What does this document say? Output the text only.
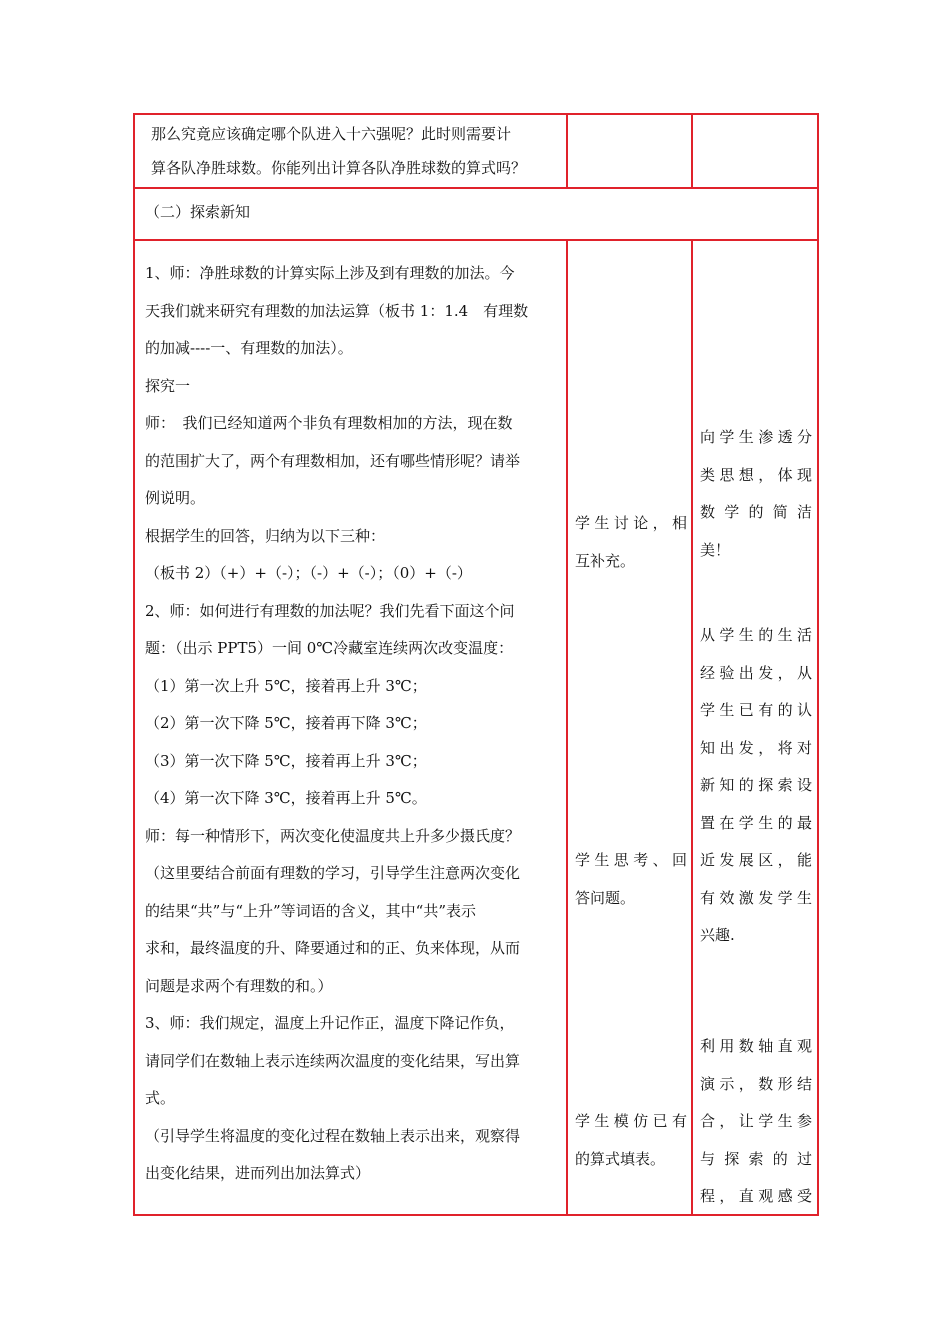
那么究竟应该确定哪个队进入十六强呢？此时则需要计
算各队净胜球数。你能列出计算各队净胜球数的算式吗？
（二）探索新知
1、师：净胜球数的计算实际上涉及到有理数的加法。今
天我们就来研究有理数的加法运算（板书 1：1.4　有理数
的加减----一、有理数的加法）。
探究一
师：　我们已经知道两个非负有理数相加的方法，现在数
的范围扩大了，两个有理数相加，还有哪些情形呢？请举
例说明。
根据学生的回答，归纳为以下三种：
（板书 2）（+）+（-）；（-）+（-）；（0）+（-）
2、师：如何进行有理数的加法呢？我们先看下面这个问
题：（出示 PPT5）一间 0℃冷藏室连续两次改变温度：
（1）第一次上升 5℃，接着再上升 3℃；
（2）第一次下降 5℃，接着再下降 3℃；
（3）第一次下降 5℃，接着再上升 3℃；
（4）第一次下降 3℃，接着再上升 5℃。
师：每一种情形下，两次变化使温度共上升多少摄氏度？
（这里要结合前面有理数的学习，引导学生注意两次变化
的结果“共”与“上升”等词语的含义，其中“共”表示
求和，最终温度的升、降要通过和的正、负来体现，从而
问题是求两个有理数的和。）
3、师：我们规定，温度上升记作正，温度下降记作负，
请同学们在数轴上表示连续两次温度的变化结果，写出算
式。
（引导学生将温度的变化过程在数轴上表示出来，观察得
出变化结果，进而列出加法算式）
学生讨论，相
互补充。
学生思考、回
答问题。
学生模仿已有
的算式填表。
向学生渗透分
类思想，体现
数学的简洁
美！
从学生的生活
经验出发，从
学生已有的认
知出发，将对
新知的探索设
置在学生的最
近发展区，能
有效激发学生
兴趣.
利用数轴直观
演示，数形结
合，让学生参
与探索的过
程，直观感受
